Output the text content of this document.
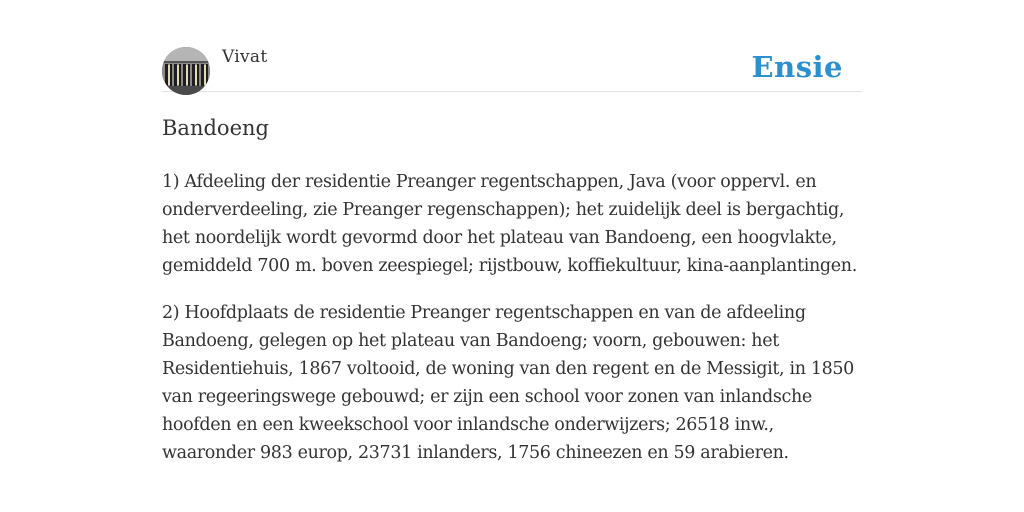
Vivat	Ensie
Bandoeng

1) Afdeeling der residentie Preanger regentschappen, Java (voor oppervl. en onderverdeeling, zie Preanger regenschappen); het zuidelijk deel is bergachtig, het noordelijk wordt gevormd door het plateau van Bandoeng, een hoogvlakte, gemiddeld 700 m. boven zeespiegel; rijstbouw, koffiekultuur, kina-aanplantingen.

2) Hoofdplaats de residentie Preanger regentschappen en van de afdeeling Bandoeng, gelegen op het plateau van Bandoeng; voorn, gebouwen: het Residentiehuis, 1867 voltooid, de woning van den regent en de Messigit, in 1850 van regeeringswege gebouwd; er zijn een school voor zonen van inlandsche hoofden en een kweekschool voor inlandsche onderwijzers; 26518 inw., waaronder 983 europ, 23731 inlanders, 1756 chineezen en 59 arabieren.
